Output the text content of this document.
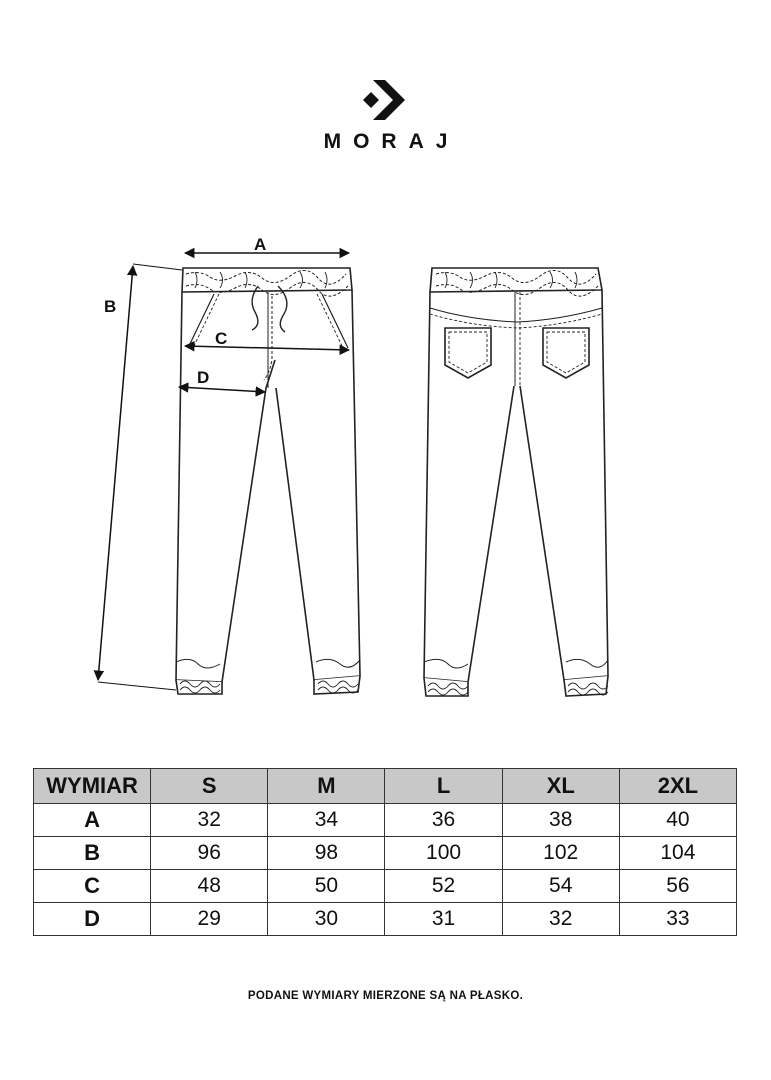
MORAJ
A
B
C
D
WYMIAR	S	M	L	XL	2XL
A	32	34	36	38	40
B	96	98	100	102	104
C	48	50	52	54	56
D	29	30	31	32	33
PODANE WYMIARY MIERZONE SĄ NA PŁASKO.
